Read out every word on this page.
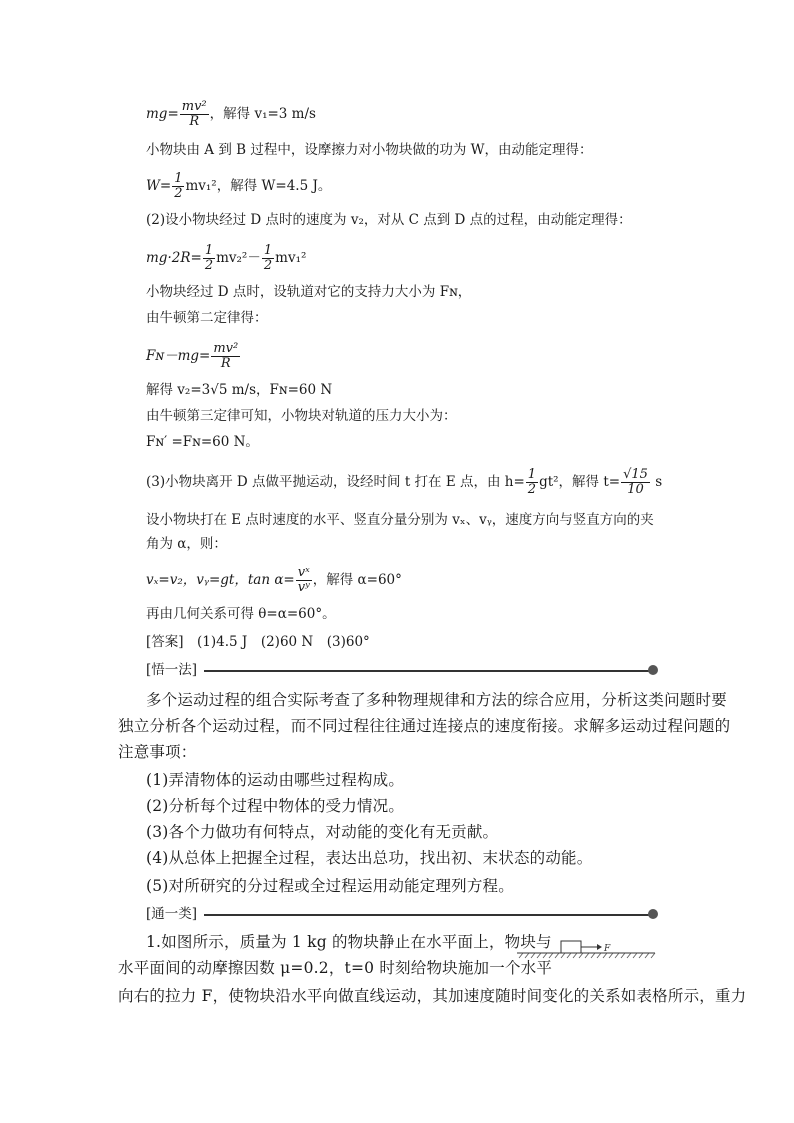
$mg= \frac{\text{mv²}}{R}$ ，解得 v₁=3 m/s
小物块由 A 到 B 过程中，设摩擦力对小物块做的功为 W，由动能定理得：
$W= \frac{1}{2} mv_1^2$，解得 W=4.5 J。
(2)设小物块经过 D 点时的速度为 v₂，对从 C 点到 D 点的过程，由动能定理得：
$mg\cdot 2R= \frac{1}{2} mv_2^2- \frac{1}{2} mv_1^2$
小物块经过 D 点时，设轨道对它的支持力大小为 Fɴ，
由牛顿第二定律得：
Fɴ－mg= $\frac{\text{mv²}}{R}$
解得 v₂=3√5 m/s，Fɴ=60 N
由牛顿第三定律可知，小物块对轨道的压力大小为：
Fɴ′ =Fɴ=60 N。
(3)小物块离开 D 点做平抛运动，设经时间 t 打在 E 点，由 $h= \frac{1}{2} gt^2$，解得 $t= \frac{√15}{10}$ s
设小物块打在 E 点时速度的水平、竖直分量分别为 vₓ、vᵧ，速度方向与竖直方向的夹
角为 α，则：
vₓ=v₂，vᵧ=gt，$\tan \alpha= \frac{\text{vˣ}}{\text{vʸ}}$ ，解得 α=60°
再由几何关系可得 θ=α=60°。
[答案]　(1)4.5 J　(2)60 N　(3)60°
[悟一法]
多个运动过程的组合实际考查了多种物理规律和方法的综合应用，分析这类问题时要
独立分析各个运动过程，而不同过程往往通过连接点的速度衔接。求解多运动过程问题的
注意事项：
(1)弄清物体的运动由哪些过程构成。
(2)分析每个过程中物体的受力情况。
(3)各个力做功有何特点，对动能的变化有无贡献。
(4)从总体上把握全过程，表达出总功，找出初、末状态的动能。
(5)对所研究的分过程或全过程运用动能定理列方程。
[通一类]
1.如图所示，质量为 1 kg 的物块静止在水平面上，物块与
水平面间的动摩擦因数 μ=0.2，t=0 时刻给物块施加一个水平
向右的拉力 F，使物块沿水平向做直线运动，其加速度随时间变化的关系如表格所示，重力
F
